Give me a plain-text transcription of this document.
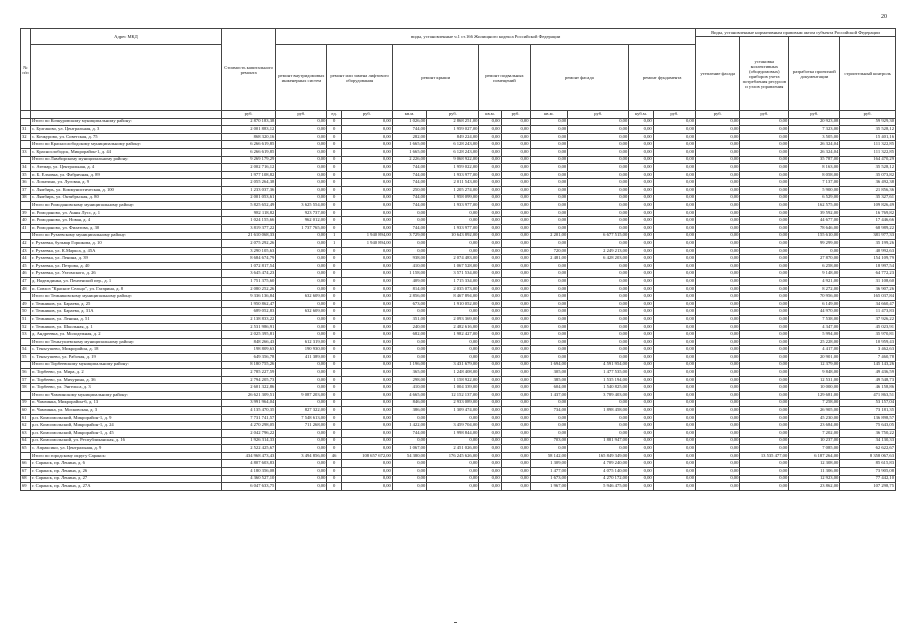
20
№ п/п	Адрес МКД	Стоимость капитального ремонта	виды, установленные ч.1 ст.166 Жилищного кодекса Российской Федерации											Виды, установленные нормативным правовым актом субъекта Российской Федерации			
														утепление фасада	установка коллективных (общедомовых) приборов учета потребления ресурсов и узлов управления	разработка проектной документации	строительный контроль
			ремонт внутридомовых инженерных систем	ремонт или замена лифтового оборудования		ремонт крыши		ремонт подвальных помещений		ремонт фасада		ремонт фундамента					
		руб.	руб.	ед.	руб.	кв.м.	руб.	кв.м.	руб.	кв.м.	руб.	куб.м.	руб.	руб.	руб.	руб.	руб.
	Итого по Кочкуровскому муниципальному району:	2 870 183,38	0,00	0	0,00	1 026,00	2 868 251,00	0,00	0,00	0,00	0,00	0,00	0,00	0,00	0,00	20 923,08	59 929,30
31	с. Булгаково, ул. Центральная, д. 3	2 001 883,12	0,00	0	0,00	744,00	1 959 027,00	0,00	0,00	0,00	0,00	0,00	0,00	0,00	0,00	7 323,00	35 528,12
32	с. Кочкурово, ул. Советская, д. 75	868 320,16	0,00	0	0,00	282,00	849 224,00	0,00	0,00	0,00	0,00	0,00	0,00	0,00	0,00	3 505,00	15 401,16
	Итого по Краснослободскому муниципальному району:	6 266 619,85	0,00	0	0,00	1 665,00	6 128 243,00	0,00	0,00	0,00	0,00	0,00	0,00	0,00	0,00	26 324,04	111 322,85
33	с. Краснослободск, Микрорайон-1, д. 44	6 266 619,85	0,00	0	0,00	1 665,00	6 128 243,00	0,00	0,00	0,00	0,00	0,00	0,00	0,00	0,00	26 324,04	111 322,85
	Итого по Лямбирскому муниципальному району:	9 269 179,29	0,00	0	0,00	2 226,00	9 068 922,00	0,00	0,00	0,00	0,00	0,00	0,00	0,00	0,00	35 787,00	164 470,29
34	с. Атемар, ул. Центральная, д. 4	2 002 716,12	0,00	0	0,00	744,00	1 959 022,00	0,00	0,00	0,00	0,00	0,00	0,00	0,00	0,00	8 163,00	35 528,12
35	п. Б. Елховка, ул. Фабричная, д. 89	1 977 108,82	0,00	0	0,00	744,00	1 933 977,00	0,00	0,00	0,00	0,00	0,00	0,00	0,00	0,00	8 058,00	35 073,82
36	с. Лопатино, ул. Луговая, д. 9	2 055 264,38	0,00	0	0,00	744,00	2 011 543,00	0,00	0,00	0,00	0,00	0,00	0,00	0,00	0,00	7 137,00	36 492,38
37	с. Лямбирь, ул. Коммунистическая, д. 100	1 233 037,36	0,00	0	0,00	250,00	1 205 274,00	0,00	0,00	0,00	0,00	0,00	0,00	0,00	0,00	5 900,00	21 856,36
38	с. Лямбирь, ул. Октябрьская, д. 80	2 001 053,61	0,00	0	0,00	744,00	1 958 099,00	0,00	0,00	0,00	0,00	0,00	0,00	0,00	0,00	6 529,00	35 327,61
	Итого по Ромодановскому муниципальному району:	5 825 652,49	3 625 554,00	0	0,00	744,00	1 933 977,00	0,00	0,00	0,00	0,00	0,00	0,00	0,00	0,00	162 575,00	109 826,49
39	п. Ромоданово, ул. Анны Лусс, д. 1	982 118,82	923 737,00	0	0,00	0,00	0,00	0,00	0,00	0,00	0,00	0,00	0,00	0,00	0,00	39 592,00	16 769,82
40	п. Ромоданово, ул. Новая, д. 4	1 024 155,66	962 012,00	0	0,00	0,00	0,00	0,00	0,00	0,00	0,00	0,00	0,00	0,00	0,00	44 677,00	17 446,66
41	п. Ромоданово, ул. Филатова, д. 30	3 819 377,22	1 737 765,00	0	0,00	744,00	1 933 977,00	0,00	0,00	0,00	0,00	0,00	0,00	0,00	0,00	78 646,00	68 989,22
	Итого по Рузаевскому муниципальному району:	21 610 068,33	0,00	1	1 940 894,00	3 729,00	10 643 892,00	0,00	0,00	2 201,00	6 677 515,00	0,00	0,00	0,00	0,00	155 610,00	381 977,33
42	г. Рузаевка, бульвар Горшкова, д. 10	2 075 292,26	0,00	1	1 940 894,00	0,00	0,00	0,00	0,00	0,00	0,00	0,00	0,00	0,00	0,00	99 299,00	35 199,26
43	г. Рузаевка, ул. К.Маркса, д. 45А	3 290 105,63	0,00	0	0,00	0,00	0,00	0,00	0,00	720,00	2 249 213,00	0,00	0,00	0,00	0,00	0,00	40 992,63
44	г. Рузаевка, ул. Ленина, д. 39	8 684 674,79	0,00	0	0,00	938,00	2 074 483,00	0,00	0,00	2 481,00	6 428 203,00	0,00	0,00	0,00	0,00	27 870,00	154 109,79
45	г. Рузаевка, ул. Петрова, д. 40	1 072 817,54	0,00	0	0,00	410,00	1 067 528,00	0,00	0,00	0,00	0,00	0,00	0,00	0,00	0,00	6 258,00	18 997,54
46	г. Рузаевка, ул. Ухтомского, д. 26	3 645 474,23	0,00	0	0,00	1 158,00	3 571 534,00	0,00	0,00	0,00	0,00	0,00	0,00	0,00	0,00	9 148,00	64 772,23
47	д. Надеждинка, ул. Пензенской пер., д. 1	1 751 375,60	0,00	0	0,00	409,00	1 715 334,00	0,00	0,00	0,00	0,00	0,00	0,00	0,00	0,00	4 921,00	31 108,60
48	п. Совхоз "Красное Сельцо", ул. Гагарина, д. 8	2 080 252,26	0,00	0	0,00	814,00	2 035 073,00	0,00	0,00	0,00	0,00	0,00	0,00	0,00	0,00	8 272,00	36 907,26
	Итого по Темниковскому муниципальному району:	9 336 136,84	632 609,00	0	0,00	2 856,00	8 467 894,00	0,00	0,00	0,00	0,00	0,00	0,00	0,00	0,00	70 956,00	165 037,84
49	г. Темников, ул. Бараева, д. 25	1 950 862,47	0,00	0	0,00	673,00	1 910 052,00	0,00	0,00	0,00	0,00	0,00	0,00	0,00	0,00	6 149,00	34 660,47
50	г. Темников, ул. Бараева, д. 31А	689 052,83	632 609,00	0	0,00	0,00	0,00	0,00	0,00	0,00	0,00	0,00	0,00	0,00	0,00	44 970,00	11 473,83
51	г. Темников, ул. Ленина, д. 51	2 138 833,22	0,00	0	0,00	351,00	2 093 369,00	0,00	0,00	0,00	0,00	0,00	0,00	0,00	0,00	7 538,00	37 926,22
52	г. Темников, ул. Школьная, д. 1	2 531 986,91	0,00	0	0,00	240,00	2 482 616,00	0,00	0,00	0,00	0,00	0,00	0,00	0,00	0,00	4 347,00	45 023,91
53	д. Андреевка, ул. Молодежная, д. 2	2 025 395,81	0,00	0	0,00	682,00	1 982 427,00	0,00	0,00	0,00	0,00	0,00	0,00	0,00	0,00	5 994,00	35 970,81
	Итого по Теньгушевскому муниципальному району:	848 266,43	612 319,00	0	0,00	0,00	0,00	0,00	0,00	0,00	0,00	0,00	0,00	0,00	0,00	25 228,00	10 959,43
54	с. Теньгушево, Микрорайон, д. 18	198 809,63	190 930,00	0	0,00	0,00	0,00	0,00	0,00	0,00	0,00	0,00	0,00	0,00	0,00	4 417,00	3 462,63
55	с. Теньгушево, ул. Рабочая, д. 19	649 356,78	411 389,00	0	0,00	0,00	0,00	0,00	0,00	0,00	0,00	0,00	0,00	0,00	0,00	20 901,00	7 460,78
	Итого по Торбеевскому муниципальному району:	8 180 755,26	0,00	0	0,00	1 196,00	3 431 679,00	0,00	0,00	1 694,00	4 591 954,00	0,00	0,00	0,00	0,00	12 379,00	145 143,26
56	п. Торбеево, ул. Мира, д. 2	2 785 227,59	0,00	0	0,00	365,00	1 248 408,00	0,00	0,00	305,00	1 477 535,00	0,00	0,00	0,00	0,00	9 848,00	49 436,59
57	п. Торбеево, ул. Мичурина, д. 36	2 794 205,73	0,00	0	0,00	298,00	1 158 922,00	0,00	0,00	385,00	1 535 194,00	0,00	0,00	0,00	0,00	12 531,00	49 548,73
58	п. Торбеево, ул. Энгельса, д. 3	2 601 322,86	0,00	0	0,00	410,00	1 004 339,00	0,00	0,00	604,00	1 540 825,00	0,00	0,00	0,00	0,00	10 000,00	46 158,86
	Итого по Чамзинскому муниципальному району:	26 621 309,51	9 087 203,00	0	0,00	4 665,00	12 152 137,00	0,00	0,00	1 437,00	3 789 403,00	0,00	0,00	0,00	0,00	129 681,00	471 863,51
59	п. Чамзинка, Микрорайон-6, д. 13	3 991 964,04	0,00	0	0,00	846,00	2 933 089,00	0,00	0,00	0,00	0,00	0,00	0,00	0,00	0,00	7 258,00	53 157,04
60	п. Чамзинка, ул. Московская, д. 3	4 135 470,35	827 322,00	0	0,00	386,00	1 309 474,00	0,00	0,00	734,00	1 898 458,00	0,00	0,00	0,00	0,00	26 905,00	73 181,35
61	р.п. Комсомольский, Микрорайон-1, д. 9	7 731 741,57	7 548 613,00	0	0,00	0,00	0,00	0,00	0,00	0,00	0,00	0,00	0,00	0,00	0,00	45 230,00	136 898,57
62	р.п. Комсомольский, Микрорайон-1, д. 24	4 270 298,05	711 268,00	0	0,00	1 422,00	3 459 704,00	0,00	0,00	0,00	0,00	0,00	0,00	0,00	0,00	23 684,00	75 643,05
63	р.п. Комсомольский, Микрорайон-1, д. 45	2 042 796,22	0,00	0	0,00	744,00	1 998 844,00	0,00	0,00	0,00	0,00	0,00	0,00	0,00	0,00	7 202,00	36 750,22
64	р.п. Комсомольский, ул. Республиканская, д. 16	1 926 314,33	0,00	0	0,00	0,00	0,00	0,00	0,00	703,00	1 881 947,00	0,00	0,00	0,00	0,00	10 237,00	34 130,33
65	с. Апраксино, ул. Центральная, д. 9	2 522 425,67	0,00	0	0,00	1 067,00	2 451 026,00	0,00	0,00	0,00	0,00	0,00	0,00	0,00	0,00	7 085,00	62 622,67
	Итого по городскому округу Саранск:	434 968 473,43	3 494 856,00	46	108 657 672,00	54 380,00	176 245 626,00	0,00	0,00	58 142,00	165 849 349,00	0,00	0,00	0,00	13 535 477,00	6 187 264,00	8 358 067,63
66	г. Саранск, пр. Ленина, д. 6	4 807 603,83	0,00	0	0,00	0,00	0,00	0,00	0,00	1 309,00	4 709 240,00	0,00	0,00	0,00	0,00	12 308,00	85 615,83
67	г. Саранск, пр. Ленина, д. 26	4 180 356,08	0,00	0	0,00	0,00	0,00	0,00	0,00	1 477,00	4 075 140,00	0,00	0,00	0,00	0,00	11 306,00	73 905,08
68	г. Саранск, пр. Ленина, д. 27	4 360 527,10	0,00	0	0,00	0,00	0,00	0,00	0,00	1 673,00	4 270 172,00	0,00	0,00	0,00	0,00	12 923,00	77 442,10
69	г. Саранск, пр. Ленина, д. 27А	6 047 633,75	0,00	0	0,00	0,00	0,00	0,00	0,00	1 967,00	5 946 475,00	0,00	0,00	0,00	0,00	23 862,00	107 298,75
